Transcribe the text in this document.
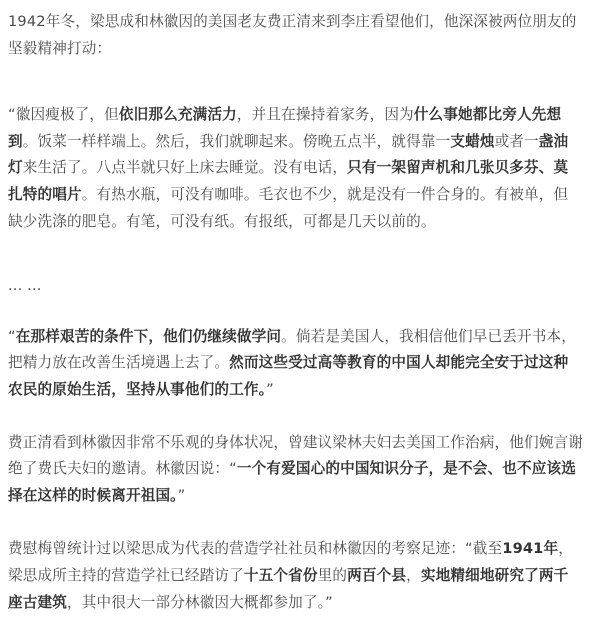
1942年冬，梁思成和林徽因的美国老友费正清来到李庄看望他们，他深深被两位朋友的坚毅精神打动：

“徽因瘦极了，但依旧那么充满活力，并且在操持着家务，因为什么事她都比旁人先想到。饭菜一样样端上。然后，我们就聊起来。傍晚五点半，就得靠一支蜡烛或者一盏油灯来生活了。八点半就只好上床去睡觉。没有电话，只有一架留声机和几张贝多芬、莫扎特的唱片。有热水瓶，可没有咖啡。毛衣也不少，就是没有一件合身的。有被单，但缺少洗涤的肥皂。有笔，可没有纸。有报纸，可都是几天以前的。

... ...

“在那样艰苦的条件下，他们仍继续做学问。倘若是美国人，我相信他们早已丢开书本，把精力放在改善生活境遇上去了。然而这些受过高等教育的中国人却能完全安于过这种农民的原始生活，坚持从事他们的工作。”

费正清看到林徽因非常不乐观的身体状况，曾建议梁林夫妇去美国工作治病，他们婉言谢绝了费氏夫妇的邀请。林徽因说：“一个有爱国心的中国知识分子，是不会、也不应该选择在这样的时候离开祖国。”

费慰梅曾统计过以梁思成为代表的营造学社社员和林徽因的考察足迹：“截至1941年，梁思成所主持的营造学社已经踏访了十五个省份里的两百个县，实地精细地研究了两千座古建筑，其中很大一部分林徽因大概都参加了。”
